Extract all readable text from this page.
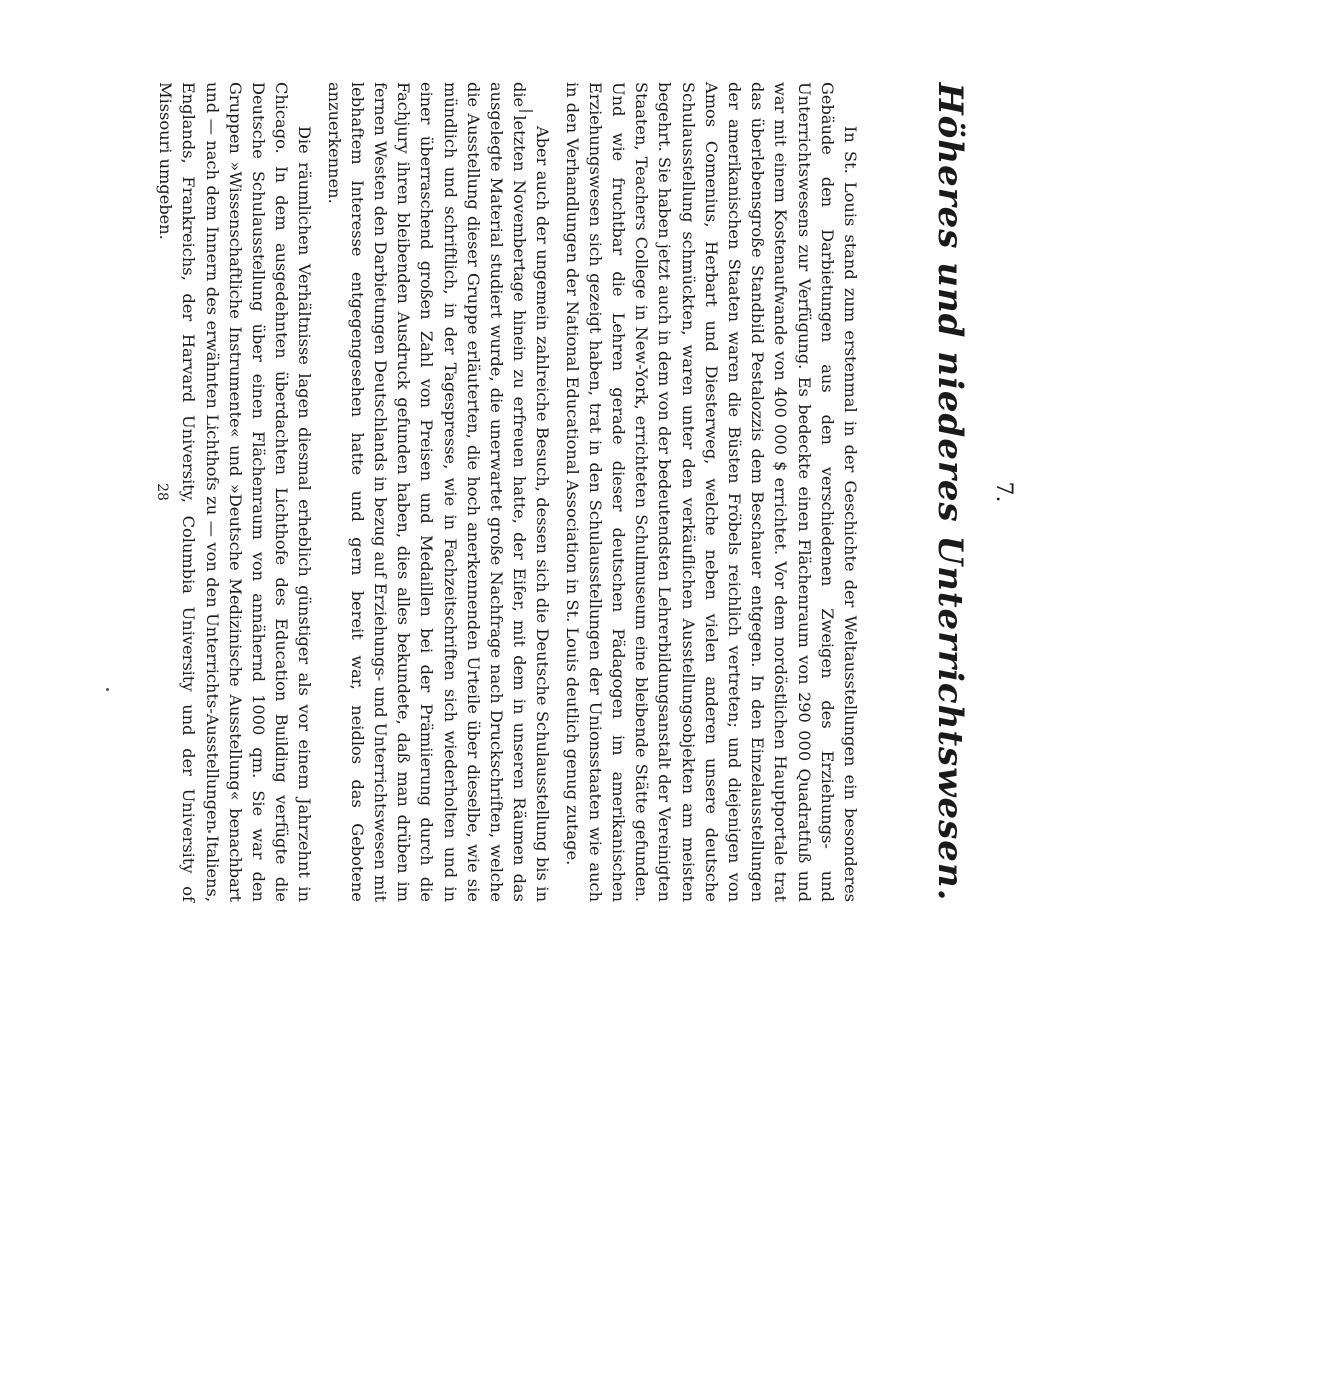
7.
Höheres und niederes Unterrichtswesen.

In St. Louis stand zum erstenmal in der Geschichte der Weltausstellungen ein besonderes Gebäude den Darbietungen aus den verschiedenen Zweigen des Erziehungs- und Unterrichtswesens zur Verfügung. Es bedeckte einen Flächenraum von 290 000 Quadratfuß und war mit einem Kostenaufwande von 400 000 $ errichtet. Vor dem nordöstlichen Hauptportale trat das überlebensgroße Standbild Pestalozzis dem Beschauer entgegen. In den Einzelausstellungen der amerikanischen Staaten waren die Büsten Fröbels reichlich vertreten; und diejenigen von Amos Comenius, Herbart und Diesterweg, welche neben vielen anderen unsere deutsche Schulausstellung schmückten, waren unter den verkäuflichen Ausstellungsobjekten am meisten begehrt. Sie haben jetzt auch in dem von der bedeutendsten Lehrerbildungsanstalt der Vereinigten Staaten, Teachers College in New-York, errichteten Schulmuseum eine bleibende Stätte gefunden. Und wie fruchtbar die Lehren gerade dieser deutschen Pädagogen im amerikanischen Erziehungswesen sich gezeigt haben, trat in den Schulausstellungen der Unionsstaaten wie auch in den Verhandlungen der National Educational Association in St. Louis deutlich genug zutage.

Aber auch der ungemein zahlreiche Besuch, dessen sich die Deutsche Schulausstellung bis in die letzten Novembertage hinein zu erfreuen hatte, der Eifer, mit dem in unseren Räumen das ausgelegte Material studiert wurde, die unerwartet große Nachfrage nach Druckschriften, welche die Ausstellung dieser Gruppe erläuterten, die hoch anerkennenden Urteile über dieselbe, wie sie mündlich und schriftlich, in der Tagespresse, wie in Fachzeitschriften sich wiederholten und in einer überraschend großen Zahl von Preisen und Medaillen bei der Prämiierung durch die Fachjury ihren bleibenden Ausdruck gefunden haben, dies alles bekundete, daß man drüben im fernen Westen den Darbietungen Deutschlands in bezug auf Erziehungs- und Unterrichtswesen mit lebhaftem Interesse entgegengesehen hatte und gern bereit war, neidlos das Gebotene anzuerkennen.

Die räumlichen Verhältnisse lagen diesmal erheblich günstiger als vor einem Jahrzehnt in Chicago. In dem ausgedehnten überdachten Lichthofe des Education Building verfügte die Deutsche Schulausstellung über einen Flächenraum von annähernd 1000 qm. Sie war den Gruppen »Wissenschaftliche Instrumente« und »Deutsche Medizinische Ausstellung« benachbart und — nach dem Innern des erwähnten Lichthofs zu — von den Unterrichts-Ausstellungen Italiens, Englands, Frankreichs, der Harvard University, Columbia University und der University of Missouri umgeben.

28
